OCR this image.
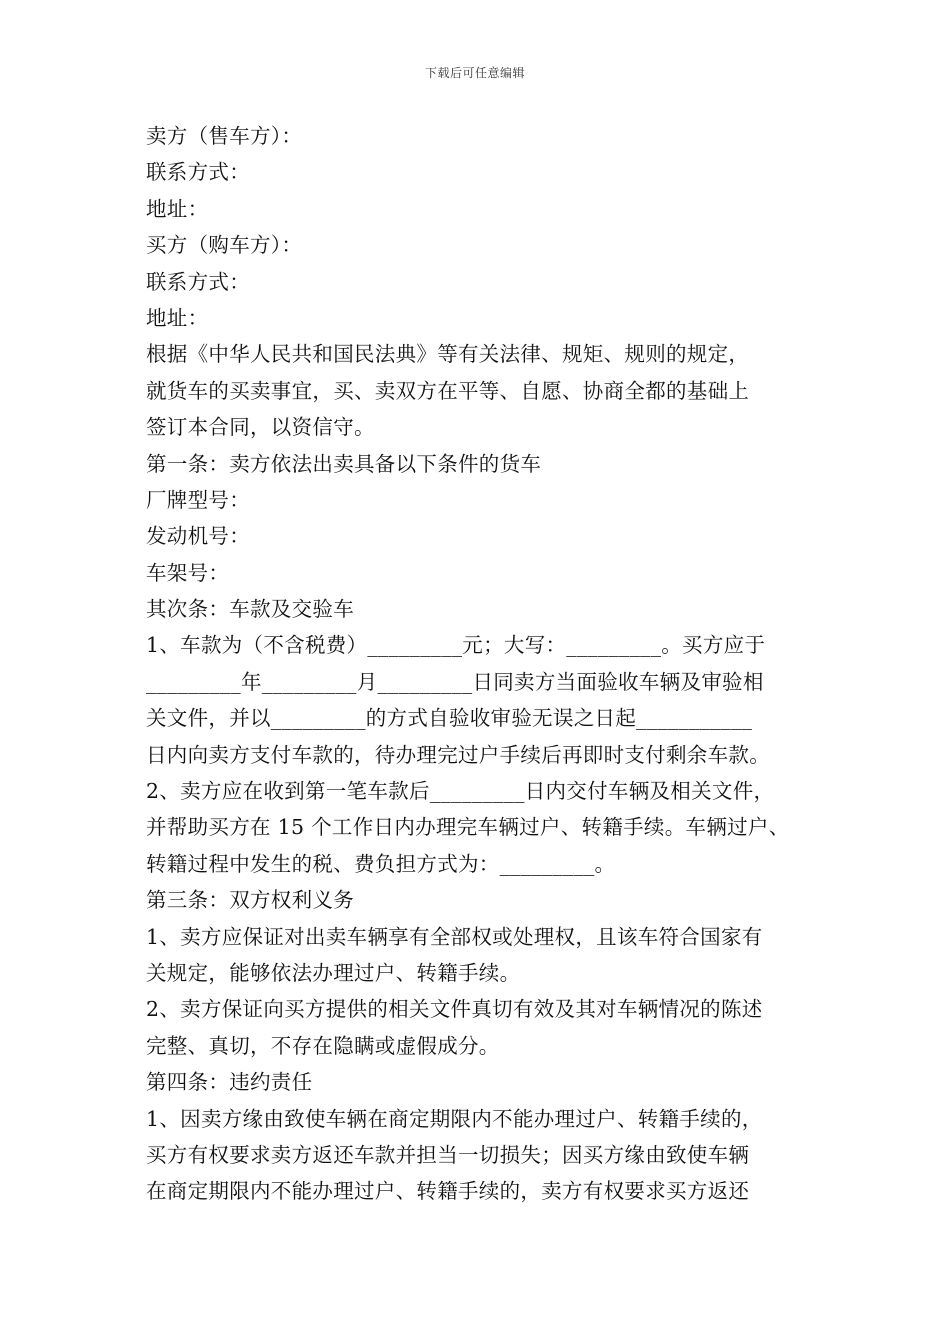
下载后可任意编辑
卖方（售车方）：
联系方式：
地址：
买方（购车方）：
联系方式：
地址：
根据《中华人民共和国民法典》等有关法律、规矩、规则的规定，
就货车的买卖事宜，买、卖双方在平等、自愿、协商全都的基础上
签订本合同，以资信守。
第一条：卖方依法出卖具备以下条件的货车
厂牌型号：
发动机号：
车架号：
其次条：车款及交验车
1、车款为（不含税费）_________元；大写：_________。买方应于
_________年_________月_________日同卖方当面验收车辆及审验相
关文件，并以_________的方式自验收审验无误之日起___________
日内向卖方支付车款的，待办理完过户手续后再即时支付剩余车款。
2、卖方应在收到第一笔车款后_________日内交付车辆及相关文件，
并帮助买方在 15 个工作日内办理完车辆过户、转籍手续。车辆过户、
转籍过程中发生的税、费负担方式为：_________。
第三条：双方权利义务
1、卖方应保证对出卖车辆享有全部权或处理权，且该车符合国家有
关规定，能够依法办理过户、转籍手续。
2、卖方保证向买方提供的相关文件真切有效及其对车辆情况的陈述
完整、真切，不存在隐瞒或虚假成分。
第四条：违约责任
1、因卖方缘由致使车辆在商定期限内不能办理过户、转籍手续的，
买方有权要求卖方返还车款并担当一切损失；因买方缘由致使车辆
在商定期限内不能办理过户、转籍手续的，卖方有权要求买方返还
